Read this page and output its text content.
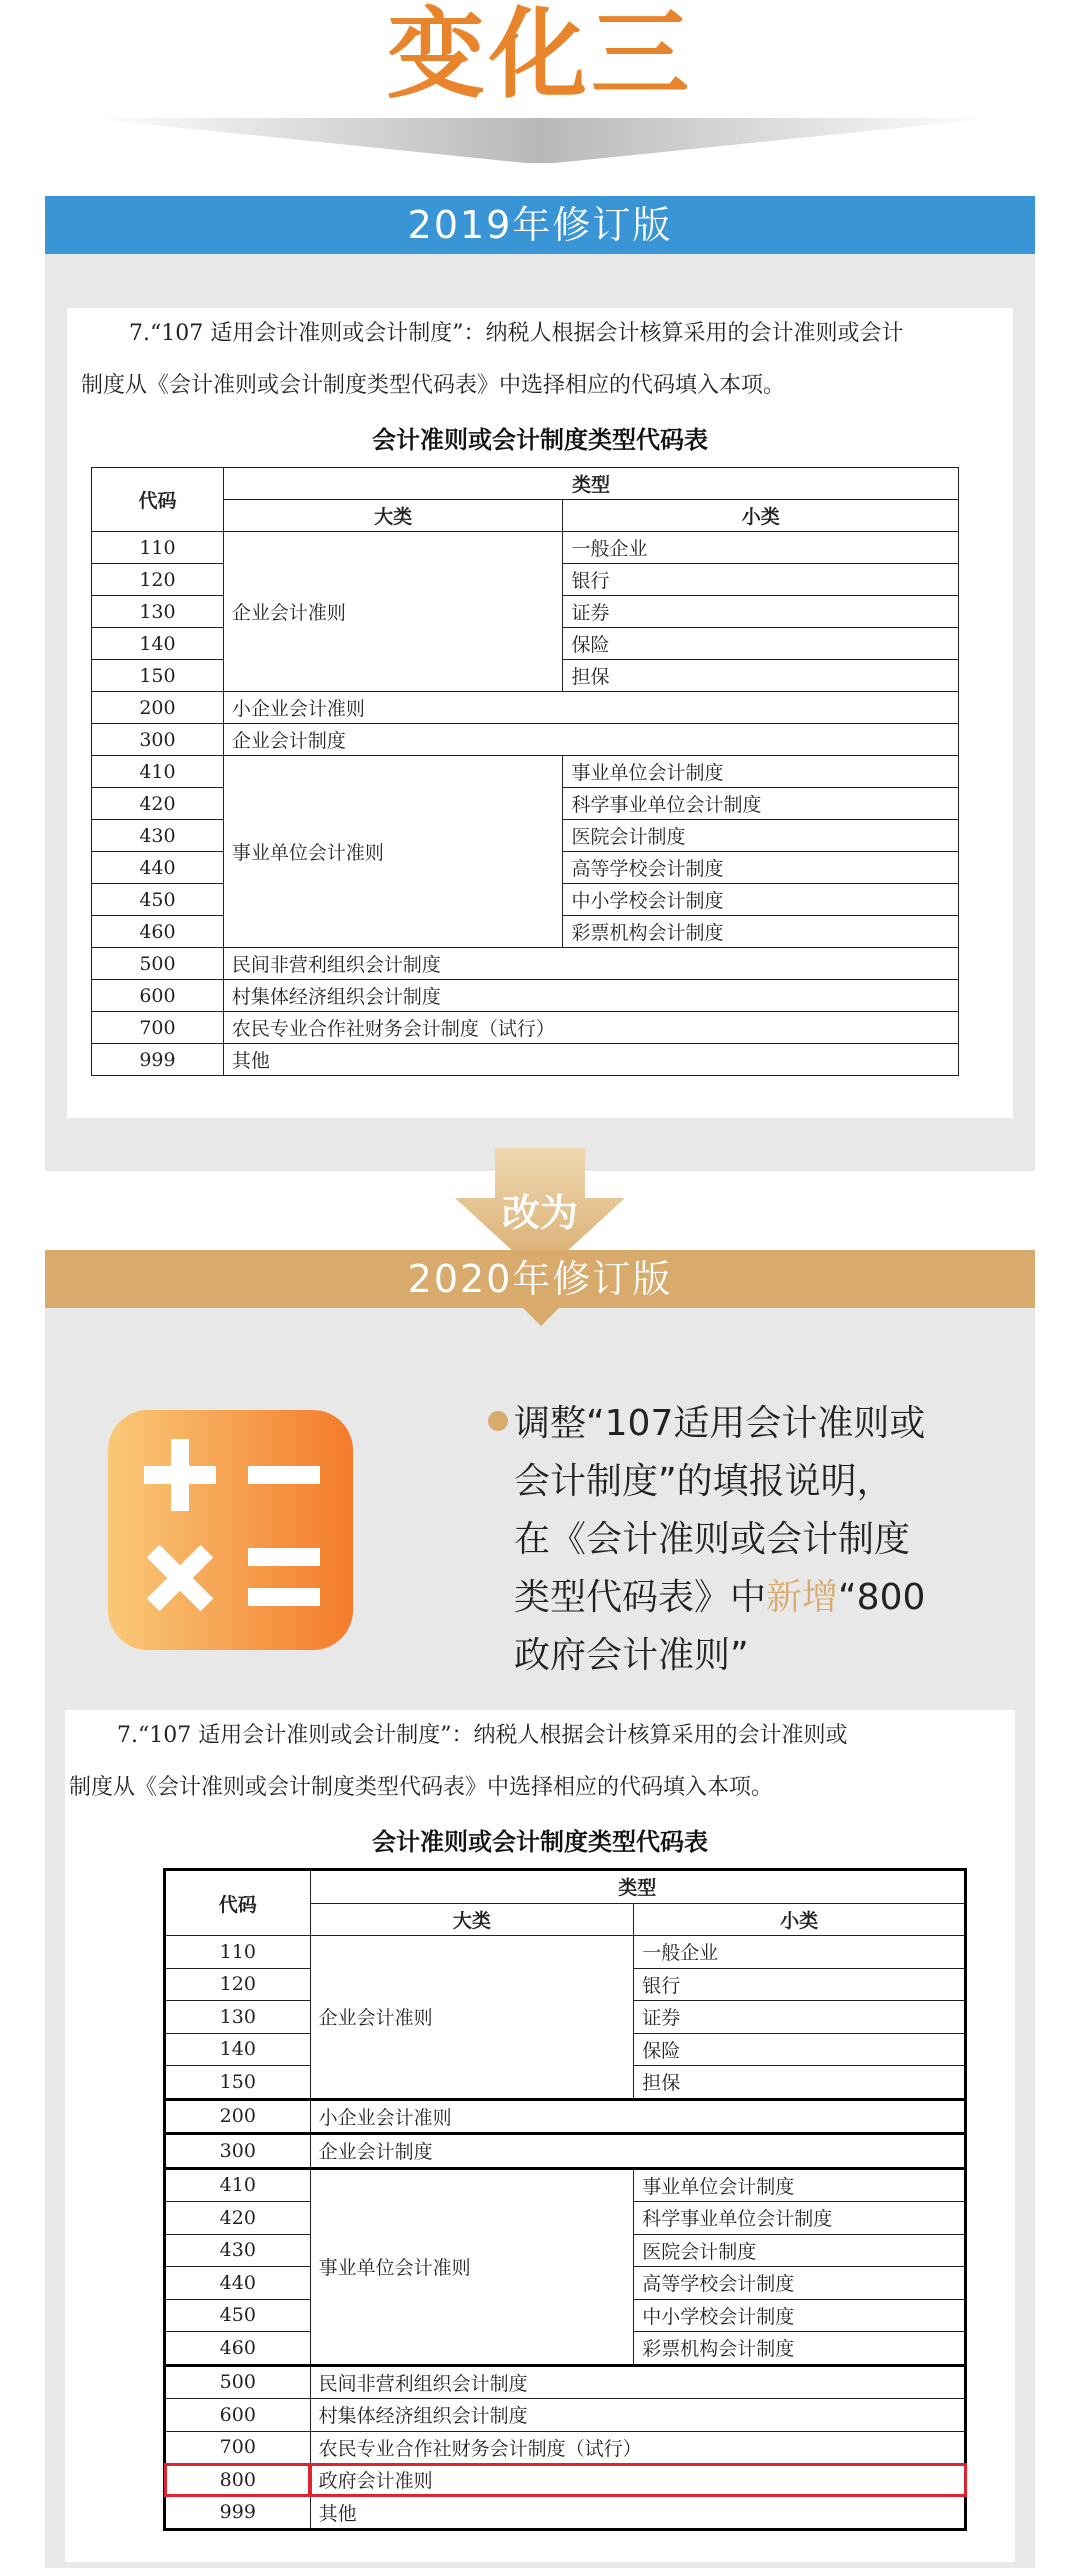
变化三
2019年修订版
7.“107 适用会计准则或会计制度”：纳税人根据会计核算采用的会计准则或会计
制度从《会计准则或会计制度类型代码表》中选择相应的代码填入本项。
会计准则或会计制度类型代码表
代码	类型	
	大类	小类
110	企业会计准则	一般企业
120		银行
130		证券
140		保险
150		担保
200	小企业会计准则	
300	企业会计制度	
410	事业单位会计准则	事业单位会计制度
420		科学事业单位会计制度
430		医院会计制度
440		高等学校会计制度
450		中小学校会计制度
460		彩票机构会计制度
500	民间非营利组织会计制度	
600	村集体经济组织会计制度	
700	农民专业合作社财务会计制度（试行）	
999	其他	
改为
2020年修订版
7.“107 适用会计准则或会计制度”：纳税人根据会计核算采用的会计准则或
制度从《会计准则或会计制度类型代码表》中选择相应的代码填入本项。
会计准则或会计制度类型代码表
代码	类型	
	大类	小类
110	企业会计准则	一般企业
120		银行
130		证券
140		保险
150		担保
200	小企业会计准则	
300	企业会计制度	
410	事业单位会计准则	事业单位会计制度
420		科学事业单位会计制度
430		医院会计制度
440		高等学校会计制度
450		中小学校会计制度
460		彩票机构会计制度
500	民间非营利组织会计制度	
600	村集体经济组织会计制度	
700	农民专业合作社财务会计制度（试行）	
800	政府会计准则	
999	其他	
调整“107适用会计准则或
会计制度”的填报说明，
在《会计准则或会计制度
类型代码表》中新增“800
政府会计准则”
